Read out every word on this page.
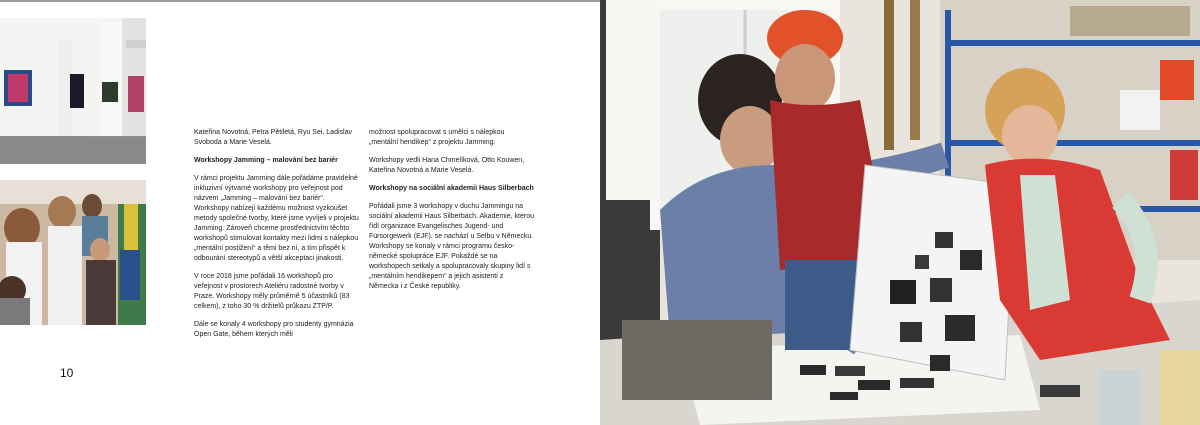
10

Kateřina Novotná, Petra Pětiletá, Ryu Sei, Ladislav Svoboda a Marie Veselá.

Workshopy Jamming – malování bez bariér

V rámci projektu Jamming dále pořádáme pravidelné inkluzivní výtvarné workshopy pro veřejnost pod názvem „Jamming – malování bez bariér“. Workshopy nabízejí každému možnost vyzkoušet metody společné tvorby, které jsme vyvíjeli v projektu Jamming. Zároveň chceme prostřednictvím těchto workshopů stimulovat kontakty mezi lidmi s nálepkou „mentální postižení“ a těmi bez ní, a tím přispět k odbourání stereotypů a větší akceptaci jinakosti.

V roce 2018 jsme pořádali 16 workshopů pro veřejnost v prostorech Ateliéru radostné tvorby v Praze. Workshopy měly průměrně 5 účastníků (83 celkem), z toho 30 % držitelů průkazu ZTP/P.

Dále se konaly 4 workshopy pro studenty gymnázia Open Gate, během kterých měli

možnost spolupracovat s umělci s nálepkou „mentální hendikep“ z projektu Jamming.

Workshopy vedli Hana Chmelíková, Otto Kouwen, Kateřina Novotná a Marie Veselá.

Workshopy na sociální akademii Haus Silberbach

Pořádali jsme 3 workshopy v duchu Jammingu na sociální akademii Haus Silberbach. Akademie, kterou řídí organizace Evangelisches Jugend- und Fürsorgewerk (EJF), se nachází u Selbu v Německu. Workshopy se konaly v rámci programu česko-německé spolupráce EJF. Pokaždé se na workshopech setkaly a spolupracovaly skupiny lidí s „mentálním hendikepem“ a jejich asistenti z Německa i z České republiky.
